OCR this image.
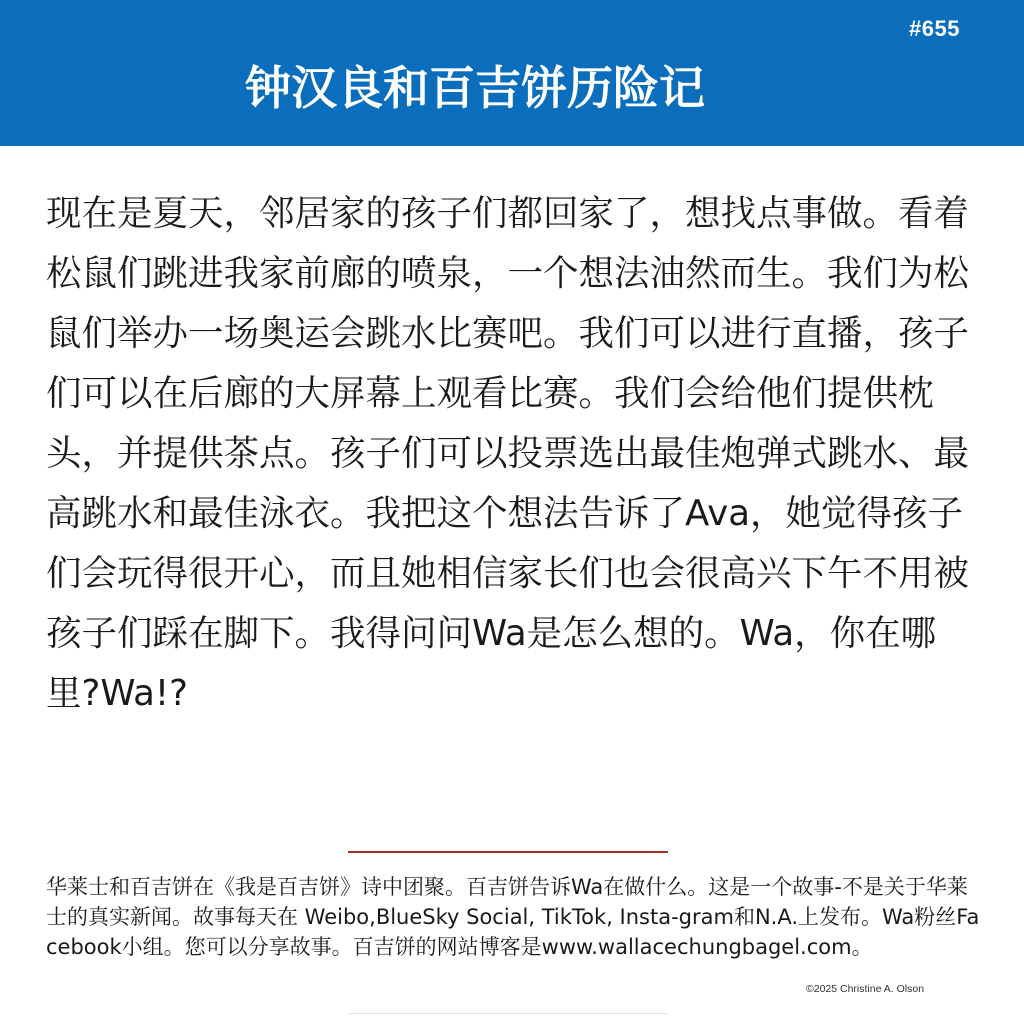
#655
钟汉良和百吉饼历险记

现在是夏天，邻居家的孩子们都回家了，想找点事做。看着松鼠们跳进我家前廊的喷泉，一个想法油然而生。我们为松鼠们举办一场奥运会跳水比赛吧。我们可以进行直播，孩子们可以在后廊的大屏幕上观看比赛。我们会给他们提供枕头，并提供茶点。孩子们可以投票选出最佳炮弹式跳水、最高跳水和最佳泳衣。我把这个想法告诉了Ava，她觉得孩子们会玩得很开心，而且她相信家长们也会很高兴下午不用被孩子们踩在脚下。我得问问Wa是怎么想的。Wa，你在哪里?Wa!?

华莱士和百吉饼在《我是百吉饼》诗中团聚。百吉饼告诉Wa在做什么。这是一个故事-不是关于华莱士的真实新闻。故事每天在 Weibo,BlueSky Social, TikTok, Insta-gram和N.A.上发布。Wa粉丝Facebook小组。您可以分享故事。百吉饼的网站博客是www.wallacechungbagel.com。

©2025 Christine A. Olson
